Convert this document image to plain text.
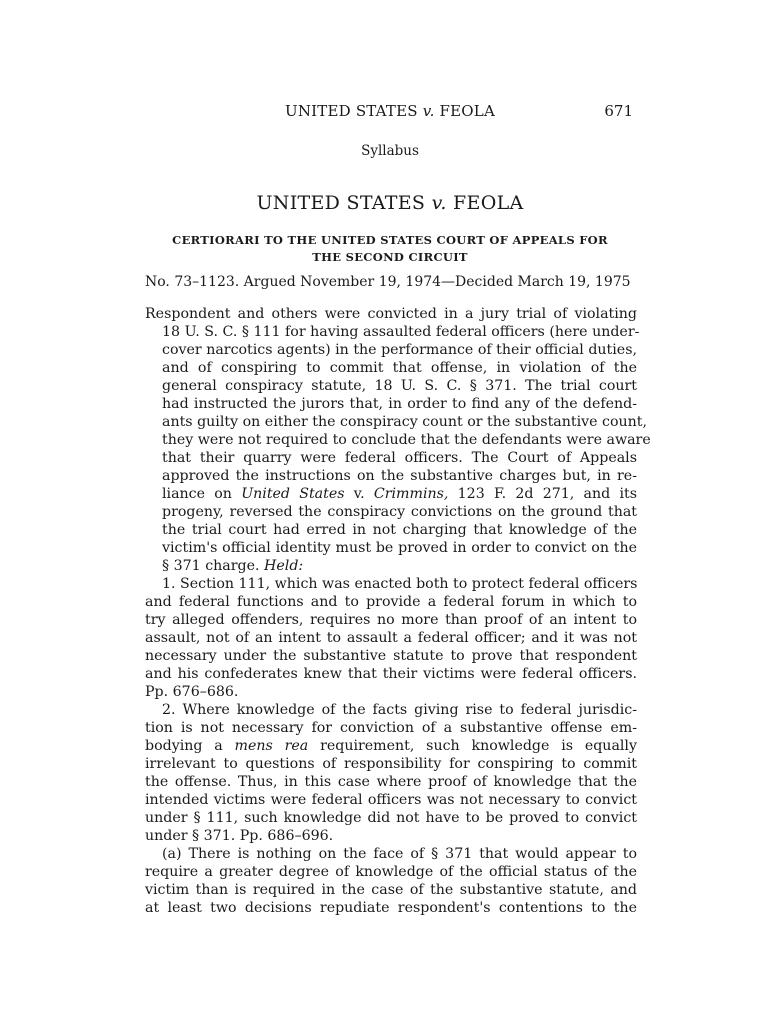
UNITED STATES v. FEOLA	671
Syllabus
UNITED STATES v. FEOLA
CERTIORARI TO THE UNITED STATES COURT OF APPEALS FOR
THE SECOND CIRCUIT
No. 73–1123. Argued November 19, 1974—Decided March 19, 1975
Respondent and others were convicted in a jury trial of violating
18 U. S. C. § 111 for having assaulted federal officers (here under-
cover narcotics agents) in the performance of their official duties,
and of conspiring to commit that offense, in violation of the
general conspiracy statute, 18 U. S. C. § 371. The trial court
had instructed the jurors that, in order to find any of the defend-
ants guilty on either the conspiracy count or the substantive count,
they were not required to conclude that the defendants were aware
that their quarry were federal officers. The Court of Appeals
approved the instructions on the substantive charges but, in re-
liance on United States v. Crimmins, 123 F. 2d 271, and its
progeny, reversed the conspiracy convictions on the ground that
the trial court had erred in not charging that knowledge of the
victim's official identity must be proved in order to convict on the
§ 371 charge. Held:
1. Section 111, which was enacted both to protect federal officers
and federal functions and to provide a federal forum in which to
try alleged offenders, requires no more than proof of an intent to
assault, not of an intent to assault a federal officer; and it was not
necessary under the substantive statute to prove that respondent
and his confederates knew that their victims were federal officers.
Pp. 676–686.
2. Where knowledge of the facts giving rise to federal jurisdic-
tion is not necessary for conviction of a substantive offense em-
bodying a mens rea requirement, such knowledge is equally
irrelevant to questions of responsibility for conspiring to commit
the offense. Thus, in this case where proof of knowledge that the
intended victims were federal officers was not necessary to convict
under § 111, such knowledge did not have to be proved to convict
under § 371. Pp. 686–696.
(a) There is nothing on the face of § 371 that would appear to
require a greater degree of knowledge of the official status of the
victim than is required in the case of the substantive statute, and
at least two decisions repudiate respondent's contentions to the
